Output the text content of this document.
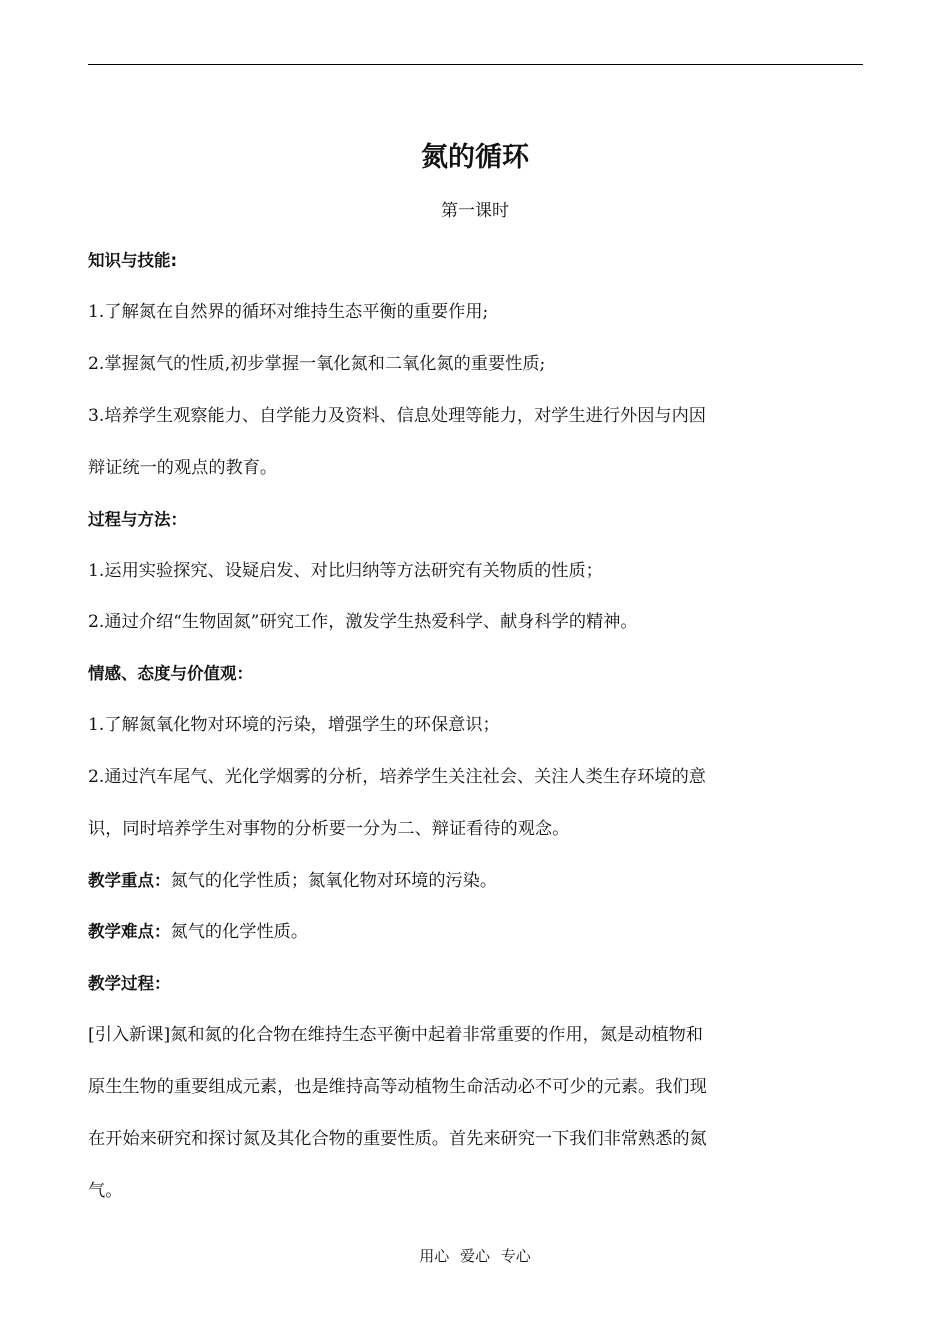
氮的循环
第一课时
知识与技能:
1.了解氮在自然界的循环对维持生态平衡的重要作用;
2.掌握氮气的性质,初步掌握一氧化氮和二氧化氮的重要性质;
3.培养学生观察能力、自学能力及资料、信息处理等能力，对学生进行外因与内因
辩证统一的观点的教育。
过程与方法：
1.运用实验探究、设疑启发、对比归纳等方法研究有关物质的性质；
2.通过介绍“生物固氮”研究工作，激发学生热爱科学、献身科学的精神。
情感、态度与价值观：
1.了解氮氧化物对环境的污染，增强学生的环保意识；
2.通过汽车尾气、光化学烟雾的分析，培养学生关注社会、关注人类生存环境的意
识，同时培养学生对事物的分析要一分为二、辩证看待的观念。
教学重点：氮气的化学性质；氮氧化物对环境的污染。
教学难点：氮气的化学性质。
教学过程：
[引入新课]氮和氮的化合物在维持生态平衡中起着非常重要的作用，氮是动植物和
原生生物的重要组成元素，也是维持高等动植物生命活动必不可少的元素。我们现
在开始来研究和探讨氮及其化合物的重要性质。首先来研究一下我们非常熟悉的氮
气。
用心 爱心 专心
